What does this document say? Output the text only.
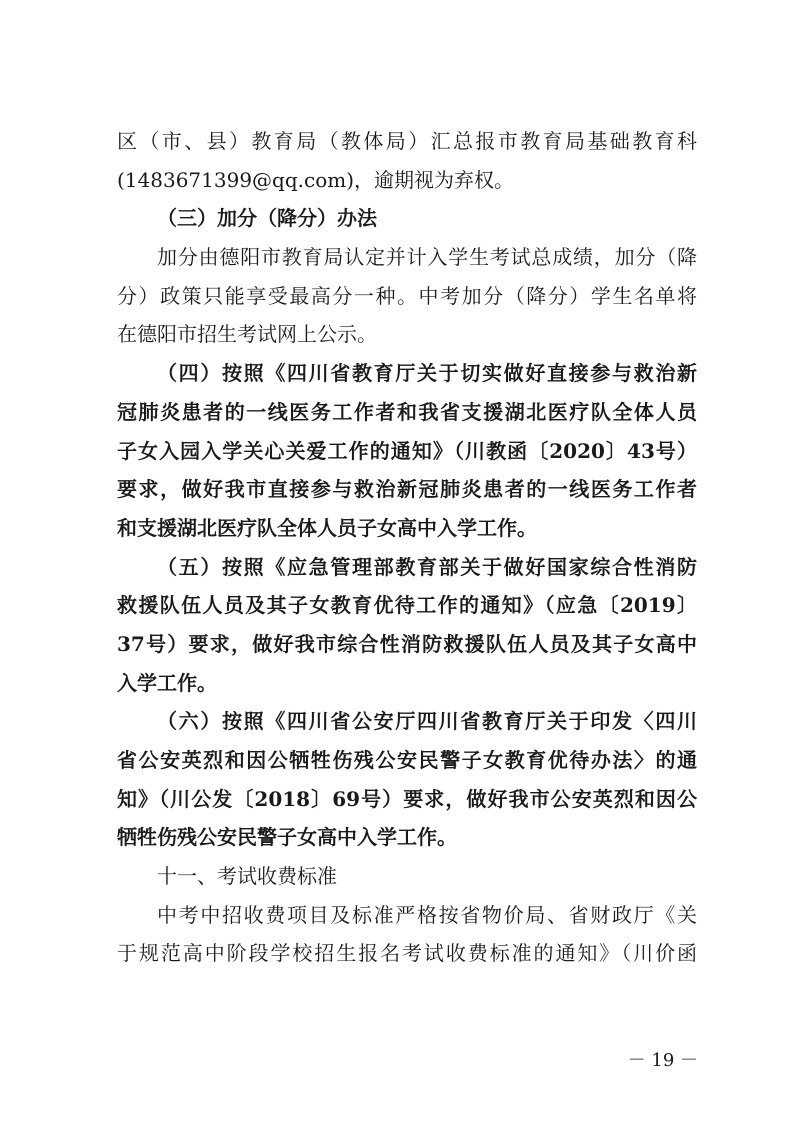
区（市、县）教育局（教体局）汇总报市教育局基础教育科
(1483671399@qq.com)，逾期视为弃权。
（三）加分（降分）办法
加分由德阳市教育局认定并计入学生考试总成绩，加分（降
分）政策只能享受最高分一种。中考加分（降分）学生名单将
在德阳市招生考试网上公示。
（四）按照《四川省教育厅关于切实做好直接参与救治新
冠肺炎患者的一线医务工作者和我省支援湖北医疗队全体人员
子女入园入学关心关爱工作的通知》（川教函〔2020〕43号）
要求，做好我市直接参与救治新冠肺炎患者的一线医务工作者
和支援湖北医疗队全体人员子女高中入学工作。
（五）按照《应急管理部教育部关于做好国家综合性消防
救援队伍人员及其子女教育优待工作的通知》（应急〔2019〕
37号）要求，做好我市综合性消防救援队伍人员及其子女高中
入学工作。
（六）按照《四川省公安厅四川省教育厅关于印发〈四川
省公安英烈和因公牺牲伤残公安民警子女教育优待办法〉的通
知》（川公发〔2018〕69号）要求，做好我市公安英烈和因公
牺牲伤残公安民警子女高中入学工作。
十一、考试收费标准
中考中招收费项目及标准严格按省物价局、省财政厅《关
于规范高中阶段学校招生报名考试收费标准的通知》（川价函
－ 19 －
